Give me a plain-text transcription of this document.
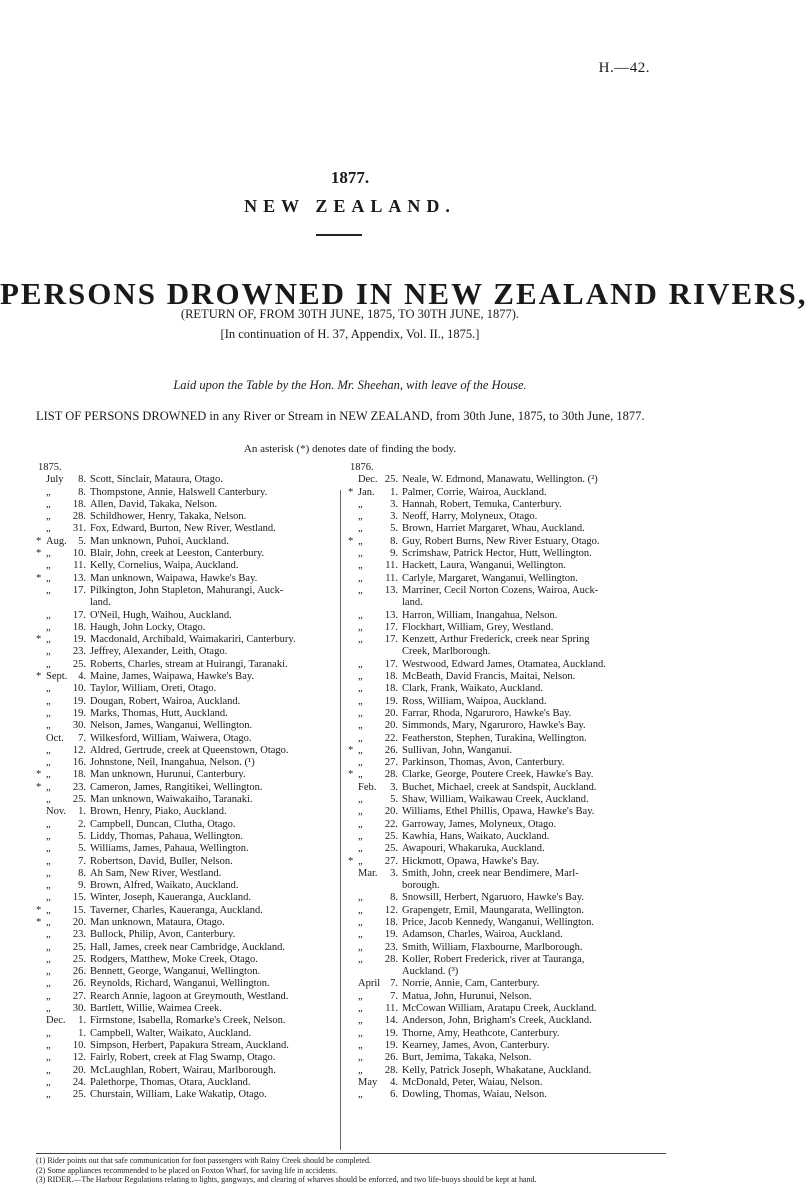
H.—42.
1877.
NEW ZEALAND.
PERSONS DROWNED IN NEW ZEALAND RIVERS,
(RETURN OF, FROM 30TH JUNE, 1875, TO 30TH JUNE, 1877).
[In continuation of H. 37, Appendix, Vol. II., 1875.]
Laid upon the Table by the Hon. Mr. Sheehan, with leave of the House.
LIST OF PERSONS DROWNED in any River or Stream in NEW ZEALAND, from 30th June, 1875, to 30th June, 1877.
An asterisk (*) denotes date of finding the body.
1875.
July	8. Scott, Sinclair, Mataura, Otago.
„	8. Thompstone, Annie, Halswell Canterbury.
„	18. Allen, David, Takaka, Nelson.
„	28. Schildhower, Henry, Takaka, Nelson.
„	31. Fox, Edward, Burton, New River, Westland.
* Aug.	5. Man unknown, Puhoi, Auckland.
* „	10. Blair, John, creek at Leeston, Canterbury.
„	11. Kelly, Cornelius, Waipa, Auckland.
* „	13. Man unknown, Waipawa, Hawke's Bay.
„	17. Pilkington, John Stapleton, Mahurangi, Auck-
land.
„	17. O'Neil, Hugh, Waihou, Auckland.
„	18. Haugh, John Locky, Otago.
* „	19. Macdonald, Archibald, Waimakariri, Canterbury.
„	23. Jeffrey, Alexander, Leith, Otago.
„	25. Roberts, Charles, stream at Huirangi, Taranaki.
* Sept.	4. Maine, James, Waipawa, Hawke's Bay.
„	10. Taylor, William, Oreti, Otago.
„	19. Dougan, Robert, Wairoa, Auckland.
„	19. Marks, Thomas, Hutt, Auckland.
„	30. Nelson, James, Wanganui, Wellington.
Oct.	7. Wilkesford, William, Waiwera, Otago.
„	12. Aldred, Gertrude, creek at Queenstown, Otago.
„	16. Johnstone, Neil, Inangahua, Nelson. (¹)
* „	18. Man unknown, Hurunui, Canterbury.
* „	23. Cameron, James, Rangitikei, Wellington.
„	25. Man unknown, Waiwakaiho, Taranaki.
Nov.	1. Brown, Henry, Piako, Auckland.
„	2. Campbell, Duncan, Clutha, Otago.
„	5. Liddy, Thomas, Pahaua, Wellington.
„	5. Williams, James, Pahaua, Wellington.
„	7. Robertson, David, Buller, Nelson.
„	8. Ah Sam, New River, Westland.
„	9. Brown, Alfred, Waikato, Auckland.
„	15. Winter, Joseph, Kaueranga, Auckland.
* „	15. Taverner, Charles, Kaueranga, Auckland.
* „	20. Man unknown, Mataura, Otago.
„	23. Bullock, Philip, Avon, Canterbury.
„	25. Hall, James, creek near Cambridge, Auckland.
„	25. Rodgers, Matthew, Moke Creek, Otago.
„	26. Bennett, George, Wanganui, Wellington.
„	26. Reynolds, Richard, Wanganui, Wellington.
„	27. Rearch Annie, lagoon at Greymouth, Westland.
„	30. Bartlett, Willie, Waimea Creek.
Dec.	1. Firmstone, Isabella, Romarke's Creek, Nelson.
„	1. Campbell, Walter, Waikato, Auckland.
„	10. Simpson, Herbert, Papakura Stream, Auckland.
„	12. Fairly, Robert, creek at Flag Swamp, Otago.
„	20. McLaughlan, Robert, Wairau, Marlborough.
„	24. Palethorpe, Thomas, Otara, Auckland.
„	25. Churstain, William, Lake Wakatip, Otago.
1876.
Dec. 25. Neale, W. Edmond, Manawatu, Wellington. (²)
* Jan.	1. Palmer, Corrie, Wairoa, Auckland.
„	3. Hannah, Robert, Temuka, Canterbury.
„	3. Neoff, Harry, Molyneux, Otago.
„	5. Brown, Harriet Margaret, Whau, Auckland.
* „	8. Guy, Robert Burns, New River Estuary, Otago.
„	9. Scrimshaw, Patrick Hector, Hutt, Wellington.
„	11. Hackett, Laura, Wanganui, Wellington.
„	11. Carlyle, Margaret, Wanganui, Wellington.
„	13. Marriner, Cecil Norton Cozens, Wairoa, Auck-
land.
„	13. Harron, William, Inangahua, Nelson.
„	17. Flockhart, William, Grey, Westland.
„	17. Kenzett, Arthur Frederick, creek near Spring
Creek, Marlborough.
„	17. Westwood, Edward James, Otamatea, Auckland.
„	18. McBeath, David Francis, Maitai, Nelson.
„	18. Clark, Frank, Waikato, Auckland.
„	19. Ross, William, Waipoa, Auckland.
„	20. Farrar, Rhoda, Ngaruroro, Hawke's Bay.
„	20. Simmonds, Mary, Ngaruroro, Hawke's Bay.
„	22. Featherston, Stephen, Turakina, Wellington.
* „	26. Sullivan, John, Wanganui.
„	27. Parkinson, Thomas, Avon, Canterbury.
* „	28. Clarke, George, Poutere Creek, Hawke's Bay.
Feb.	3. Buchet, Michael, creek at Sandspit, Auckland.
„	5. Shaw, William, Waikawau Creek, Auckland.
„	20. Williams, Ethel Phillis, Opawa, Hawke's Bay.
„	22. Garroway, James, Molyneux, Otago.
„	25. Kawhia, Hans, Waikato, Auckland.
„	25. Awapouri, Whakaruka, Auckland.
* „	27. Hickmott, Opawa, Hawke's Bay.
Mar.	3. Smith, John, creek near Bendimere, Marl-
borough.
„	8. Snowsill, Herbert, Ngaruoro, Hawke's Bay.
„	12. Grapengetr, Emil, Maungarata, Wellington.
„	18. Price, Jacob Kennedy, Wanganui, Wellington.
„	19. Adamson, Charles, Wairoa, Auckland.
„	23. Smith, William, Flaxbourne, Marlborough.
„	28. Koller, Robert Frederick, river at Tauranga,
Auckland. (³)
April 7. Norrie, Annie, Cam, Canterbury.
„	7. Matua, John, Hurunui, Nelson.
„	11. McCowan William, Aratapu Creek, Auckland.
„	14. Anderson, John, Brigham's Creek, Auckland.
„	19. Thorne, Amy, Heathcote, Canterbury.
„	19. Kearney, James, Avon, Canterbury.
„	26. Burt, Jemima, Takaka, Nelson.
„	28. Kelly, Patrick Joseph, Whakatane, Auckland.
May	4. McDonald, Peter, Waiau, Nelson.
„	6. Dowling, Thomas, Waiau, Nelson.
(1) Rider points out that safe communication for foot passengers with Rainy Creek should be completed.
(2) Some appliances recommended to be placed on Foxton Wharf, for saving life in accidents.
(3) RIDER.—The Harbour Regulations relating to lights, gangways, and clearing of wharves should be enforced, and two life-buoys should be kept at hand.
